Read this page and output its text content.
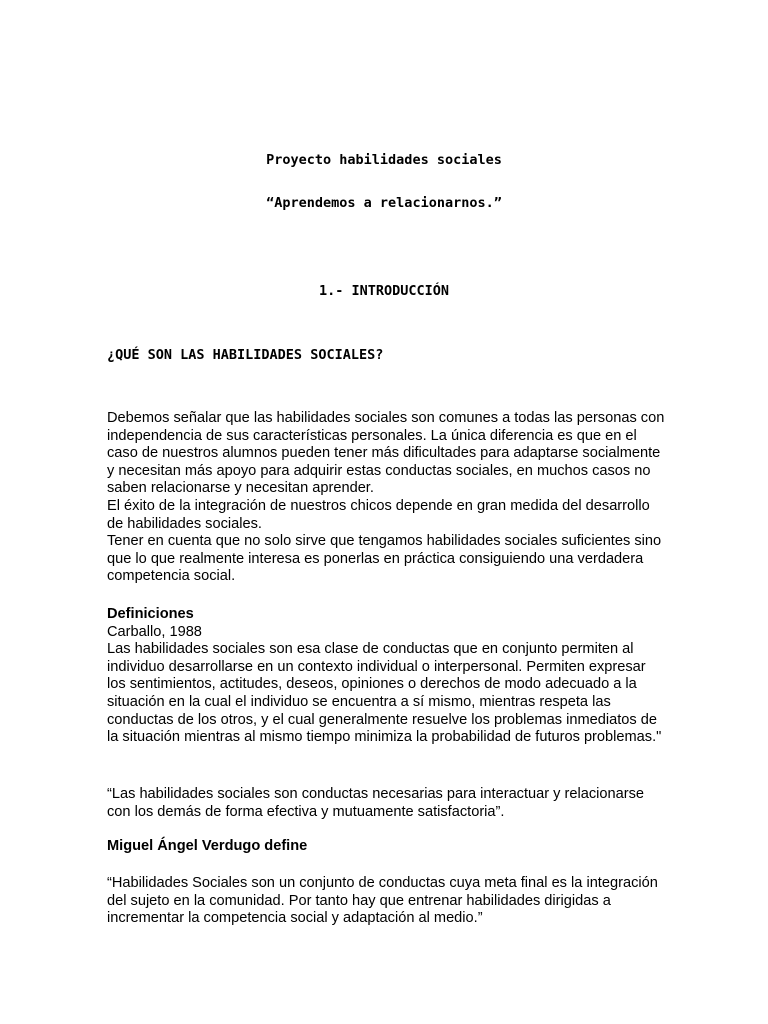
Proyecto habilidades sociales
“Aprendemos a relacionarnos.”
1.- INTRODUCCIÓN
¿QUÉ SON LAS HABILIDADES SOCIALES?

Debemos señalar que las habilidades sociales son comunes a todas las personas con independencia de sus características personales. La única diferencia es que en el caso de nuestros alumnos pueden tener más dificultades para adaptarse socialmente y necesitan más apoyo para adquirir estas conductas sociales, en muchos casos no saben relacionarse y necesitan aprender.

El éxito de la integración de nuestros chicos depende en gran medida del desarrollo de habilidades sociales.

Tener en cuenta que no solo sirve que tengamos habilidades sociales suficientes sino que lo que realmente interesa es ponerlas en práctica consiguiendo una verdadera competencia social.

Definiciones

Carballo, 1988

Las habilidades sociales son esa clase de conductas que en conjunto permiten al individuo desarrollarse en un contexto individual o interpersonal. Permiten expresar los sentimientos, actitudes, deseos, opiniones o derechos de modo adecuado a la situación en la cual el individuo se encuentra a sí mismo, mientras respeta las conductas de los otros, y el cual generalmente resuelve los problemas inmediatos de la situación mientras al mismo tiempo minimiza la probabilidad de futuros problemas."

“Las habilidades sociales son conductas necesarias para interactuar y relacionarse con los demás de forma efectiva y mutuamente satisfactoria”.

Miguel Ángel Verdugo define

“Habilidades Sociales son un conjunto de conductas cuya meta final es la integración del sujeto en la comunidad. Por tanto hay que entrenar habilidades dirigidas a incrementar la competencia social y adaptación al medio.”
